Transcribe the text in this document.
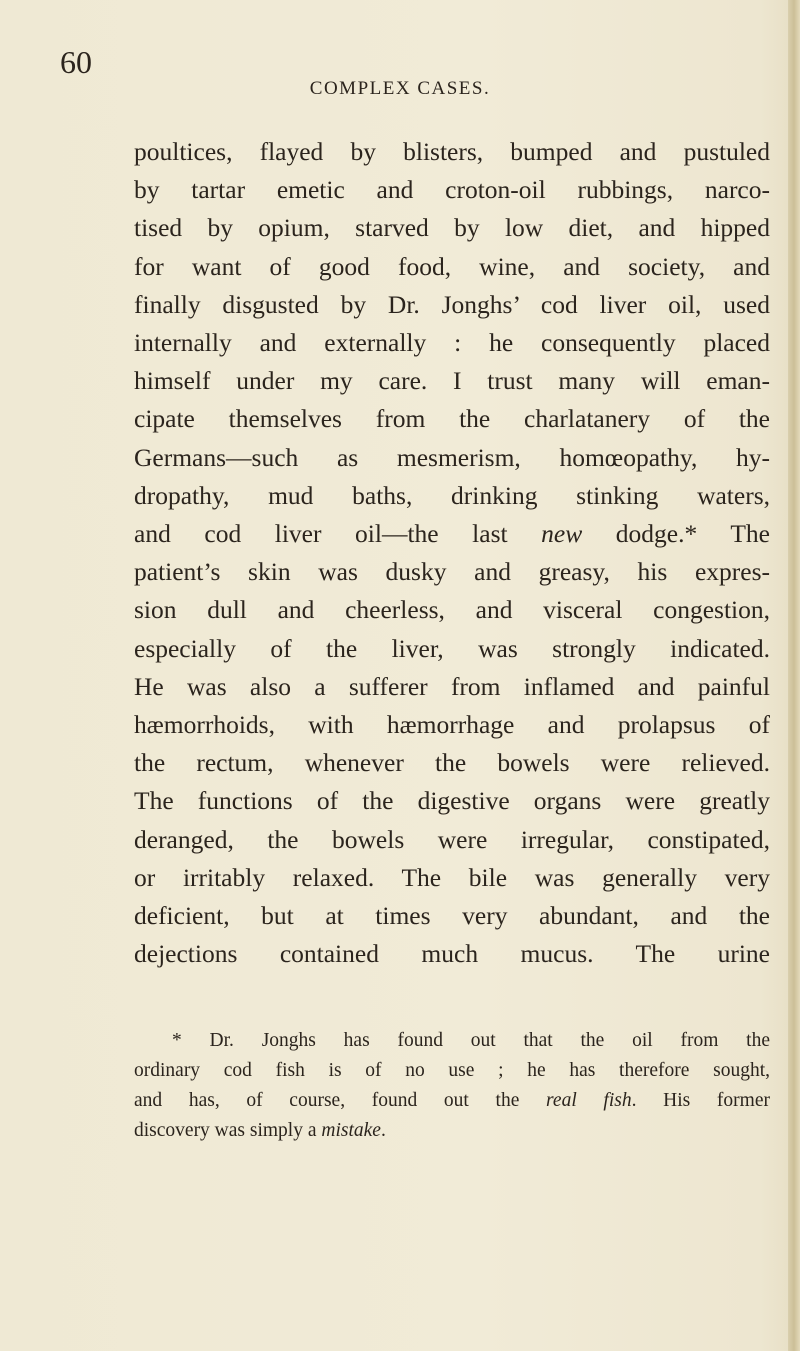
60
COMPLEX CASES.
poultices, flayed by blisters, bumped and pustuled
by tartar emetic and croton-oil rubbings, narco-
tised by opium, starved by low diet, and hipped
for want of good food, wine, and society, and
finally disgusted by Dr. Jonghs’ cod liver oil, used
internally and externally : he consequently placed
himself under my care. I trust many will eman-
cipate themselves from the charlatanery of the
Germans—such as mesmerism, homœopathy, hy-
dropathy, mud baths, drinking stinking waters,
and cod liver oil—the last new dodge.* The
patient’s skin was dusky and greasy, his expres-
sion dull and cheerless, and visceral congestion,
especially of the liver, was strongly indicated.
He was also a sufferer from inflamed and painful
hæmorrhoids, with hæmorrhage and prolapsus of
the rectum, whenever the bowels were relieved.
The functions of the digestive organs were greatly
deranged, the bowels were irregular, constipated,
or irritably relaxed. The bile was generally very
deficient, but at times very abundant, and the
dejections contained much mucus. The urine
* Dr. Jonghs has found out that the oil from the
ordinary cod fish is of no use ; he has therefore sought,
and has, of course, found out the real fish. His former
discovery was simply a mistake.
